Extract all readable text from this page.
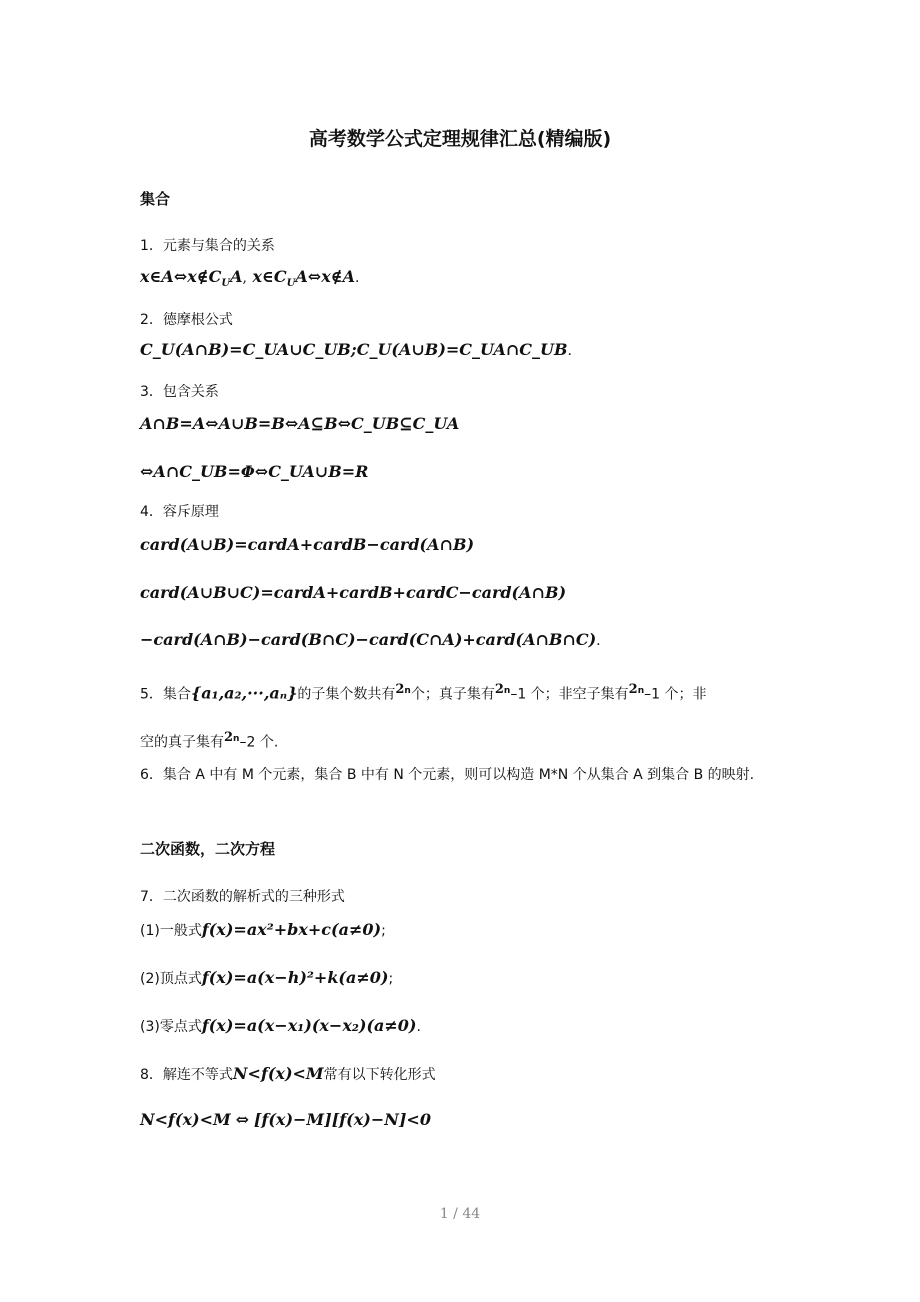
高考数学公式定理规律汇总(精编版)
集合
1．元素与集合的关系
$x\in A\Leftrightarrow x\notin C_UA$, $x\in C_UA\Leftrightarrow x\notin A$.
2．德摩根公式
C_U(A∩B)=C_UA∪C_UB;C_U(A∪B)=C_UA∩C_UB.
3．包含关系
A∩B=A⇔A∪B=B⇔A⊆B⇔C_UB⊆C_UA
⇔A∩C_UB=Φ⇔C_UA∪B=R
4．容斥原理
card(A∪B)=cardA+cardB−card(A∩B)
card(A∪B∪C)=cardA+cardB+cardC−card(A∩B)
−card(A∩B)−card(B∩C)−card(C∩A)+card(A∩B∩C).
5．集合{a₁,a₂,···,aₙ}的子集个数共有2$^n$个；真子集有2$^n$–1 个；非空子集有2$^n$–1 个；非
空的真子集有2$^n$–2 个.
6．集合 A 中有 M 个元素，集合 B 中有 N 个元素，则可以构造 M*N 个从集合 A 到集合 B 的映射.
二次函数，二次方程
7．二次函数的解析式的三种形式
(1)一般式f(x)=ax²+bx+c(a≠0);
(2)顶点式f(x)=a(x−h)²+k(a≠0);
(3)零点式f(x)=a(x−x₁)(x−x₂)(a≠0).
8．解连不等式N<f(x)<M常有以下转化形式
N<f(x)<M ⇔ [f(x)−M][f(x)−N]<0
1 / 44
